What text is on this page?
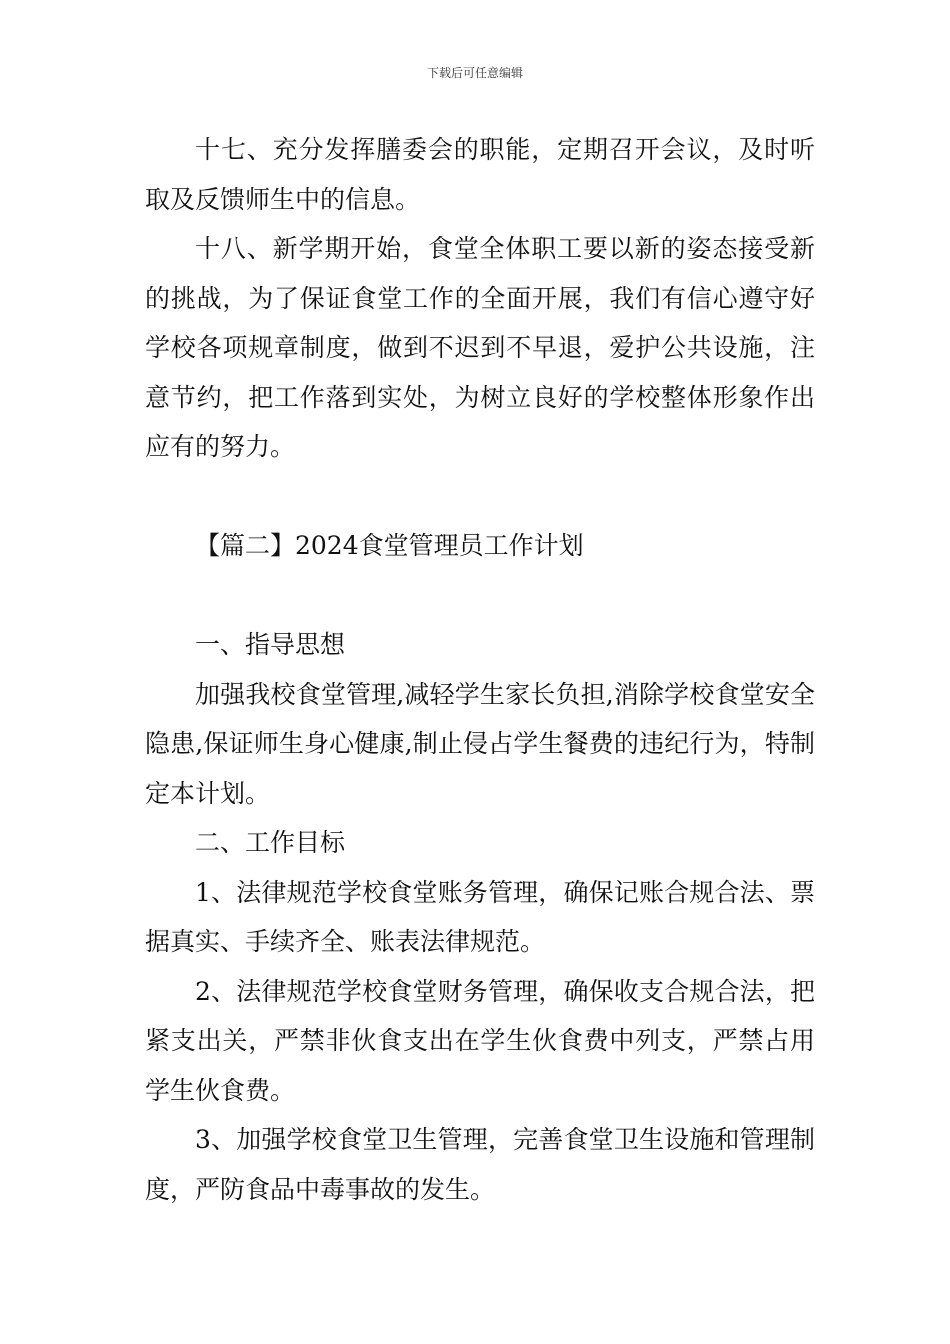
下载后可任意编辑

十七、充分发挥膳委会的职能，定期召开会议，及时听取及反馈师生中的信息。

十八、新学期开始，食堂全体职工要以新的姿态接受新的挑战，为了保证食堂工作的全面开展，我们有信心遵守好学校各项规章制度，做到不迟到不早退，爱护公共设施，注意节约，把工作落到实处，为树立良好的学校整体形象作出应有的努力。

【篇二】2024食堂管理员工作计划

一、指导思想

加强我校食堂管理,减轻学生家长负担,消除学校食堂安全隐患,保证师生身心健康,制止侵占学生餐费的违纪行为，特制定本计划。

二、工作目标

1、法律规范学校食堂账务管理，确保记账合规合法、票据真实、手续齐全、账表法律规范。

2、法律规范学校食堂财务管理，确保收支合规合法，把紧支出关，严禁非伙食支出在学生伙食费中列支，严禁占用学生伙食费。

3、加强学校食堂卫生管理，完善食堂卫生设施和管理制度，严防食品中毒事故的发生。
